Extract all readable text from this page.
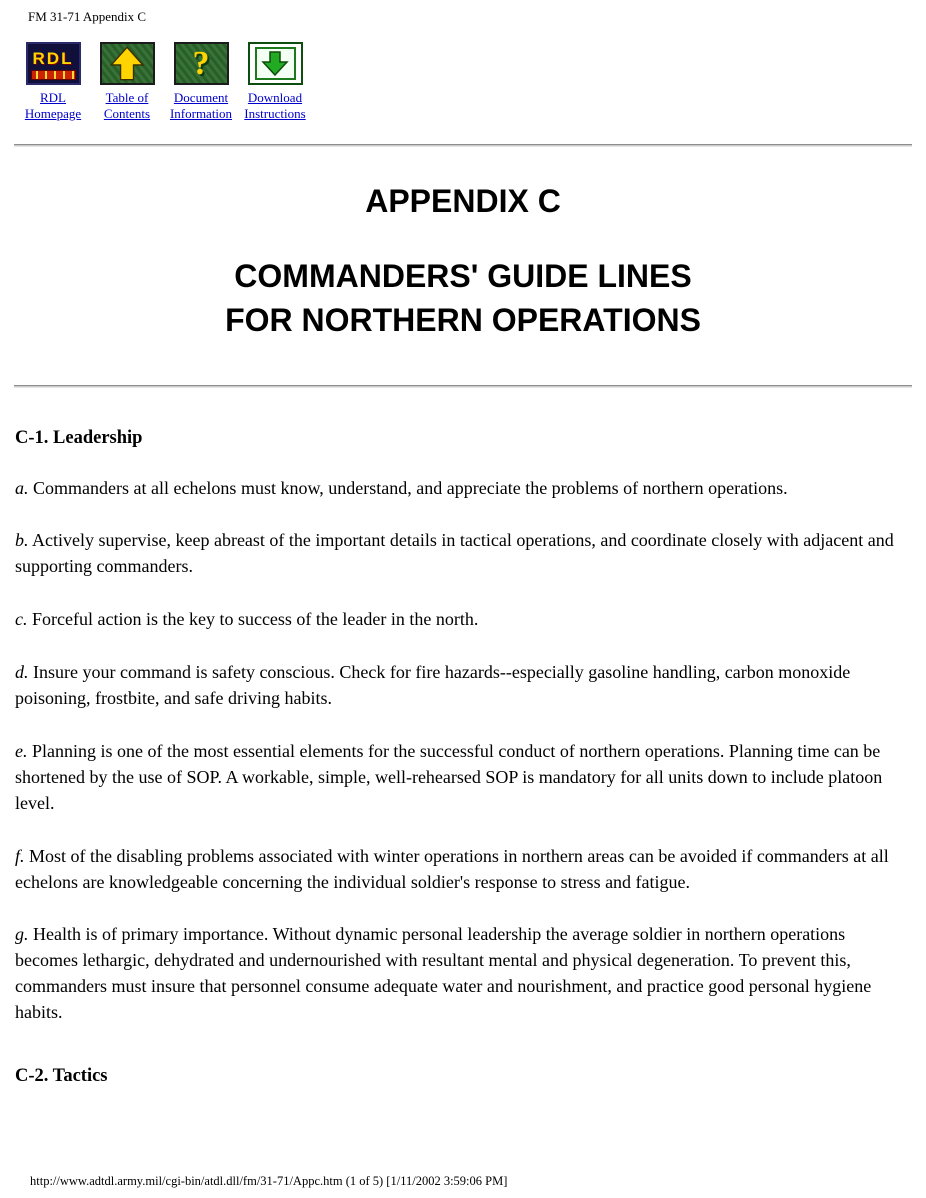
FM 31-71 Appendix C
RDL
RDL
Homepage
Table of
Contents
?
Document
Information
Download
Instructions
APPENDIX C
COMMANDERS' GUIDE LINES
FOR NORTHERN OPERATIONS
C-1. Leadership

a. Commanders at all echelons must know, understand, and appreciate the problems of northern operations.

b. Actively supervise, keep abreast of the important details in tactical operations, and coordinate closely with adjacent and supporting commanders.

c. Forceful action is the key to success of the leader in the north.

d. Insure your command is safety conscious. Check for fire hazards--especially gasoline handling, carbon monoxide poisoning, frostbite, and safe driving habits.

e. Planning is one of the most essential elements for the successful conduct of northern operations. Planning time can be shortened by the use of SOP. A workable, simple, well-rehearsed SOP is mandatory for all units down to include platoon level.

f. Most of the disabling problems associated with winter operations in northern areas can be avoided if commanders at all echelons are knowledgeable concerning the individual soldier's response to stress and fatigue.

g. Health is of primary importance. Without dynamic personal leadership the average soldier in northern operations becomes lethargic, dehydrated and undernourished with resultant mental and physical degeneration. To prevent this, commanders must insure that personnel consume adequate water and nourishment, and practice good personal hygiene habits.

C-2. Tactics
http://www.adtdl.army.mil/cgi-bin/atdl.dll/fm/31-71/Appc.htm (1 of 5) [1/11/2002 3:59:06 PM]
